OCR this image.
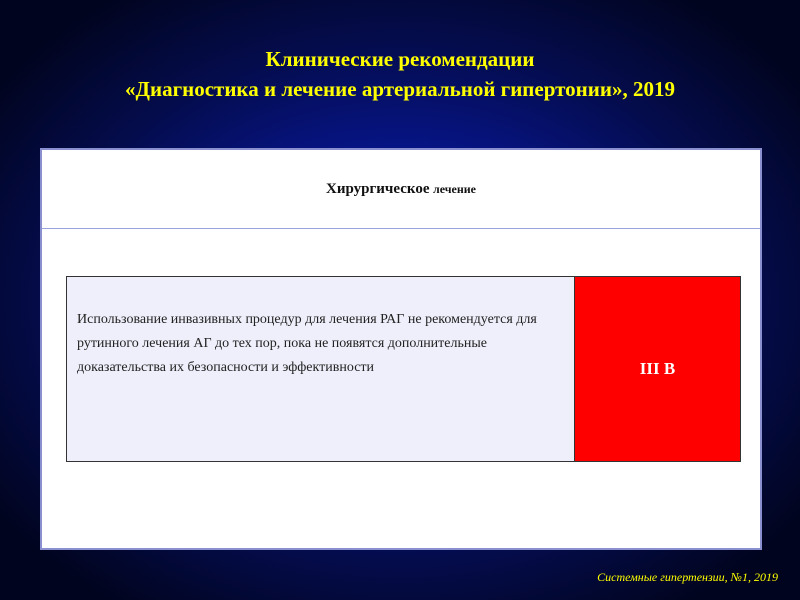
Клинические рекомендации
«Диагностика и лечение артериальной гипертонии», 2019
Хирургическое
лечение
Использование инвазивных процедур для лечения РАГ не рекомендуется для рутинного лечения АГ до тех пор, пока не появятся дополнительные доказательства их безопасности и эффективности	III B
Системные гипертензии, №1, 2019
